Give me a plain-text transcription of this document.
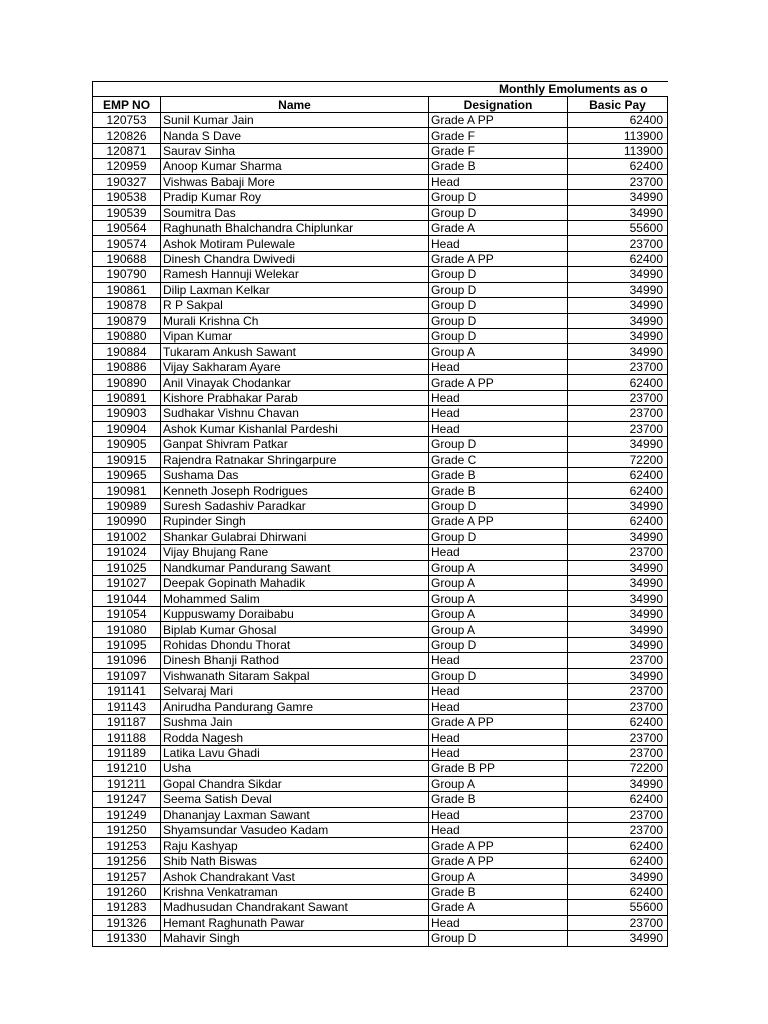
Monthly Emoluments as o				
EMP NO	Name	Designation	Basic Pay	
120753	Sunil Kumar Jain	Grade A PP	62400	
120826	Nanda S Dave	Grade F	113900	
120871	Saurav Sinha	Grade F	113900	
120959	Anoop Kumar Sharma	Grade B	62400	
190327	Vishwas Babaji More	Head	23700	
190538	Pradip Kumar Roy	Group D	34990	
190539	Soumitra Das	Group D	34990	
190564	Raghunath Bhalchandra Chiplunkar	Grade A	55600	
190574	Ashok Motiram Pulewale	Head	23700	
190688	Dinesh Chandra Dwivedi	Grade A PP	62400	
190790	Ramesh Hannuji Welekar	Group D	34990	
190861	Dilip Laxman Kelkar	Group D	34990	
190878	R P Sakpal	Group D	34990	
190879	Murali Krishna Ch	Group D	34990	
190880	Vipan Kumar	Group D	34990	
190884	Tukaram Ankush Sawant	Group A	34990	
190886	Vijay Sakharam Ayare	Head	23700	
190890	Anil Vinayak Chodankar	Grade A PP	62400	
190891	Kishore Prabhakar Parab	Head	23700	
190903	Sudhakar Vishnu Chavan	Head	23700	
190904	Ashok Kumar Kishanlal Pardeshi	Head	23700	
190905	Ganpat Shivram Patkar	Group D	34990	
190915	Rajendra Ratnakar Shringarpure	Grade C	72200	
190965	Sushama Das	Grade B	62400	
190981	Kenneth Joseph Rodrigues	Grade B	62400	
190989	Suresh Sadashiv Paradkar	Group D	34990	
190990	Rupinder Singh	Grade A PP	62400	
191002	Shankar Gulabrai Dhirwani	Group D	34990	
191024	Vijay Bhujang Rane	Head	23700	
191025	Nandkumar Pandurang Sawant	Group A	34990	
191027	Deepak Gopinath Mahadik	Group A	34990	
191044	Mohammed Salim	Group A	34990	
191054	Kuppuswamy Doraibabu	Group A	34990	
191080	Biplab Kumar Ghosal	Group A	34990	
191095	Rohidas Dhondu Thorat	Group D	34990	
191096	Dinesh Bhanji Rathod	Head	23700	
191097	Vishwanath Sitaram Sakpal	Group D	34990	
191141	Selvaraj Mari	Head	23700	
191143	Anirudha Pandurang Gamre	Head	23700	
191187	Sushma Jain	Grade A PP	62400	
191188	Rodda Nagesh	Head	23700	
191189	Latika Lavu Ghadi	Head	23700	
191210	Usha	Grade B PP	72200	
191211	Gopal Chandra Sikdar	Group A	34990	
191247	Seema Satish Deval	Grade B	62400	
191249	Dhananjay Laxman Sawant	Head	23700	
191250	Shyamsundar Vasudeo Kadam	Head	23700	
191253	Raju Kashyap	Grade A PP	62400	
191256	Shib Nath Biswas	Grade A PP	62400	
191257	Ashok Chandrakant Vast	Group A	34990	
191260	Krishna Venkatraman	Grade B	62400	
191283	Madhusudan Chandrakant Sawant	Grade A	55600	
191326	Hemant Raghunath Pawar	Head	23700	
191330	Mahavir Singh	Group D	34990	
